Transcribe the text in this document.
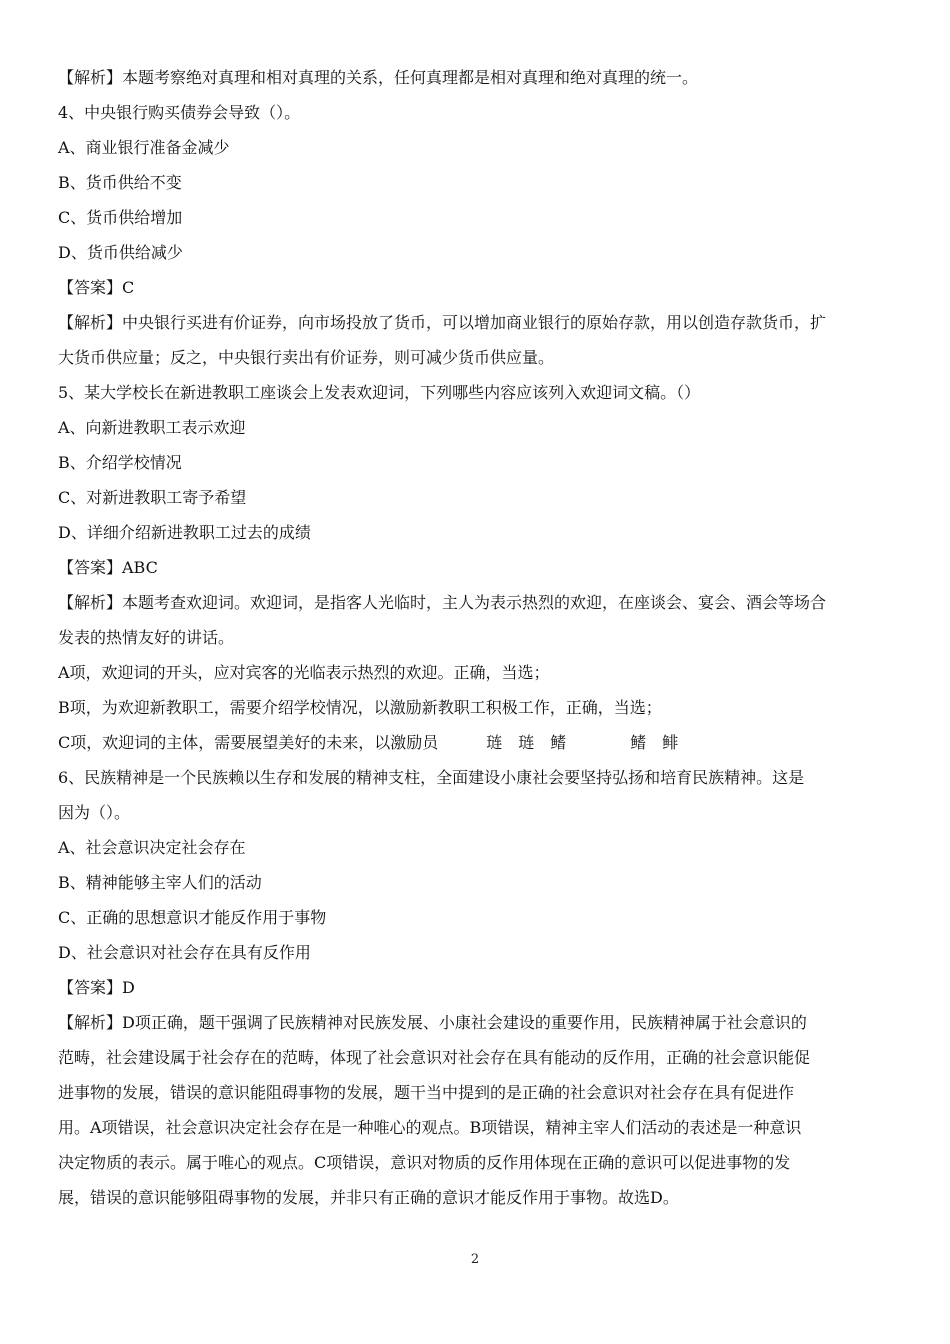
【解析】本题考察绝对真理和相对真理的关系，任何真理都是相对真理和绝对真理的统一。
4、中央银行购买债券会导致（）。
A、商业银行准备金减少
B、货币供给不变
C、货币供给增加
D、货币供给减少
【答案】C
【解析】中央银行买进有价证券，向市场投放了货币，可以增加商业银行的原始存款，用以创造存款货币，扩
大货币供应量；反之，中央银行卖出有价证券，则可减少货币供应量。
5、某大学校长在新进教职工座谈会上发表欢迎词，下列哪些内容应该列入欢迎词文稿。（）
A、向新进教职工表示欢迎
B、介绍学校情况
C、对新进教职工寄予希望
D、详细介绍新进教职工过去的成绩
【答案】ABC
【解析】本题考查欢迎词。欢迎词，是指客人光临时，主人为表示热烈的欢迎，在座谈会、宴会、酒会等场合
发表的热情友好的讲话。
A项，欢迎词的开头，应对宾客的光临表示热烈的欢迎。正确，当选；
B项，为欢迎新教职工，需要介绍学校情况，以激励新教职工积极工作，正确，当选；
C项，欢迎词的主体，需要展望美好的未来，以激励员　　　琏　琏　鳍　　　　鳍　鲱
6、民族精神是一个民族赖以生存和发展的精神支柱，全面建设小康社会要坚持弘扬和培育民族精神。这是
因为（）。
A、社会意识决定社会存在
B、精神能够主宰人们的活动
C、正确的思想意识才能反作用于事物
D、社会意识对社会存在具有反作用
【答案】D
【解析】D项正确，题干强调了民族精神对民族发展、小康社会建设的重要作用，民族精神属于社会意识的
范畴，社会建设属于社会存在的范畴，体现了社会意识对社会存在具有能动的反作用，正确的社会意识能促
进事物的发展，错误的意识能阻碍事物的发展，题干当中提到的是正确的社会意识对社会存在具有促进作
用。A项错误，社会意识决定社会存在是一种唯心的观点。B项错误，精神主宰人们活动的表述是一种意识
决定物质的表示。属于唯心的观点。C项错误，意识对物质的反作用体现在正确的意识可以促进事物的发
展，错误的意识能够阻碍事物的发展，并非只有正确的意识才能反作用于事物。故选D。
2
